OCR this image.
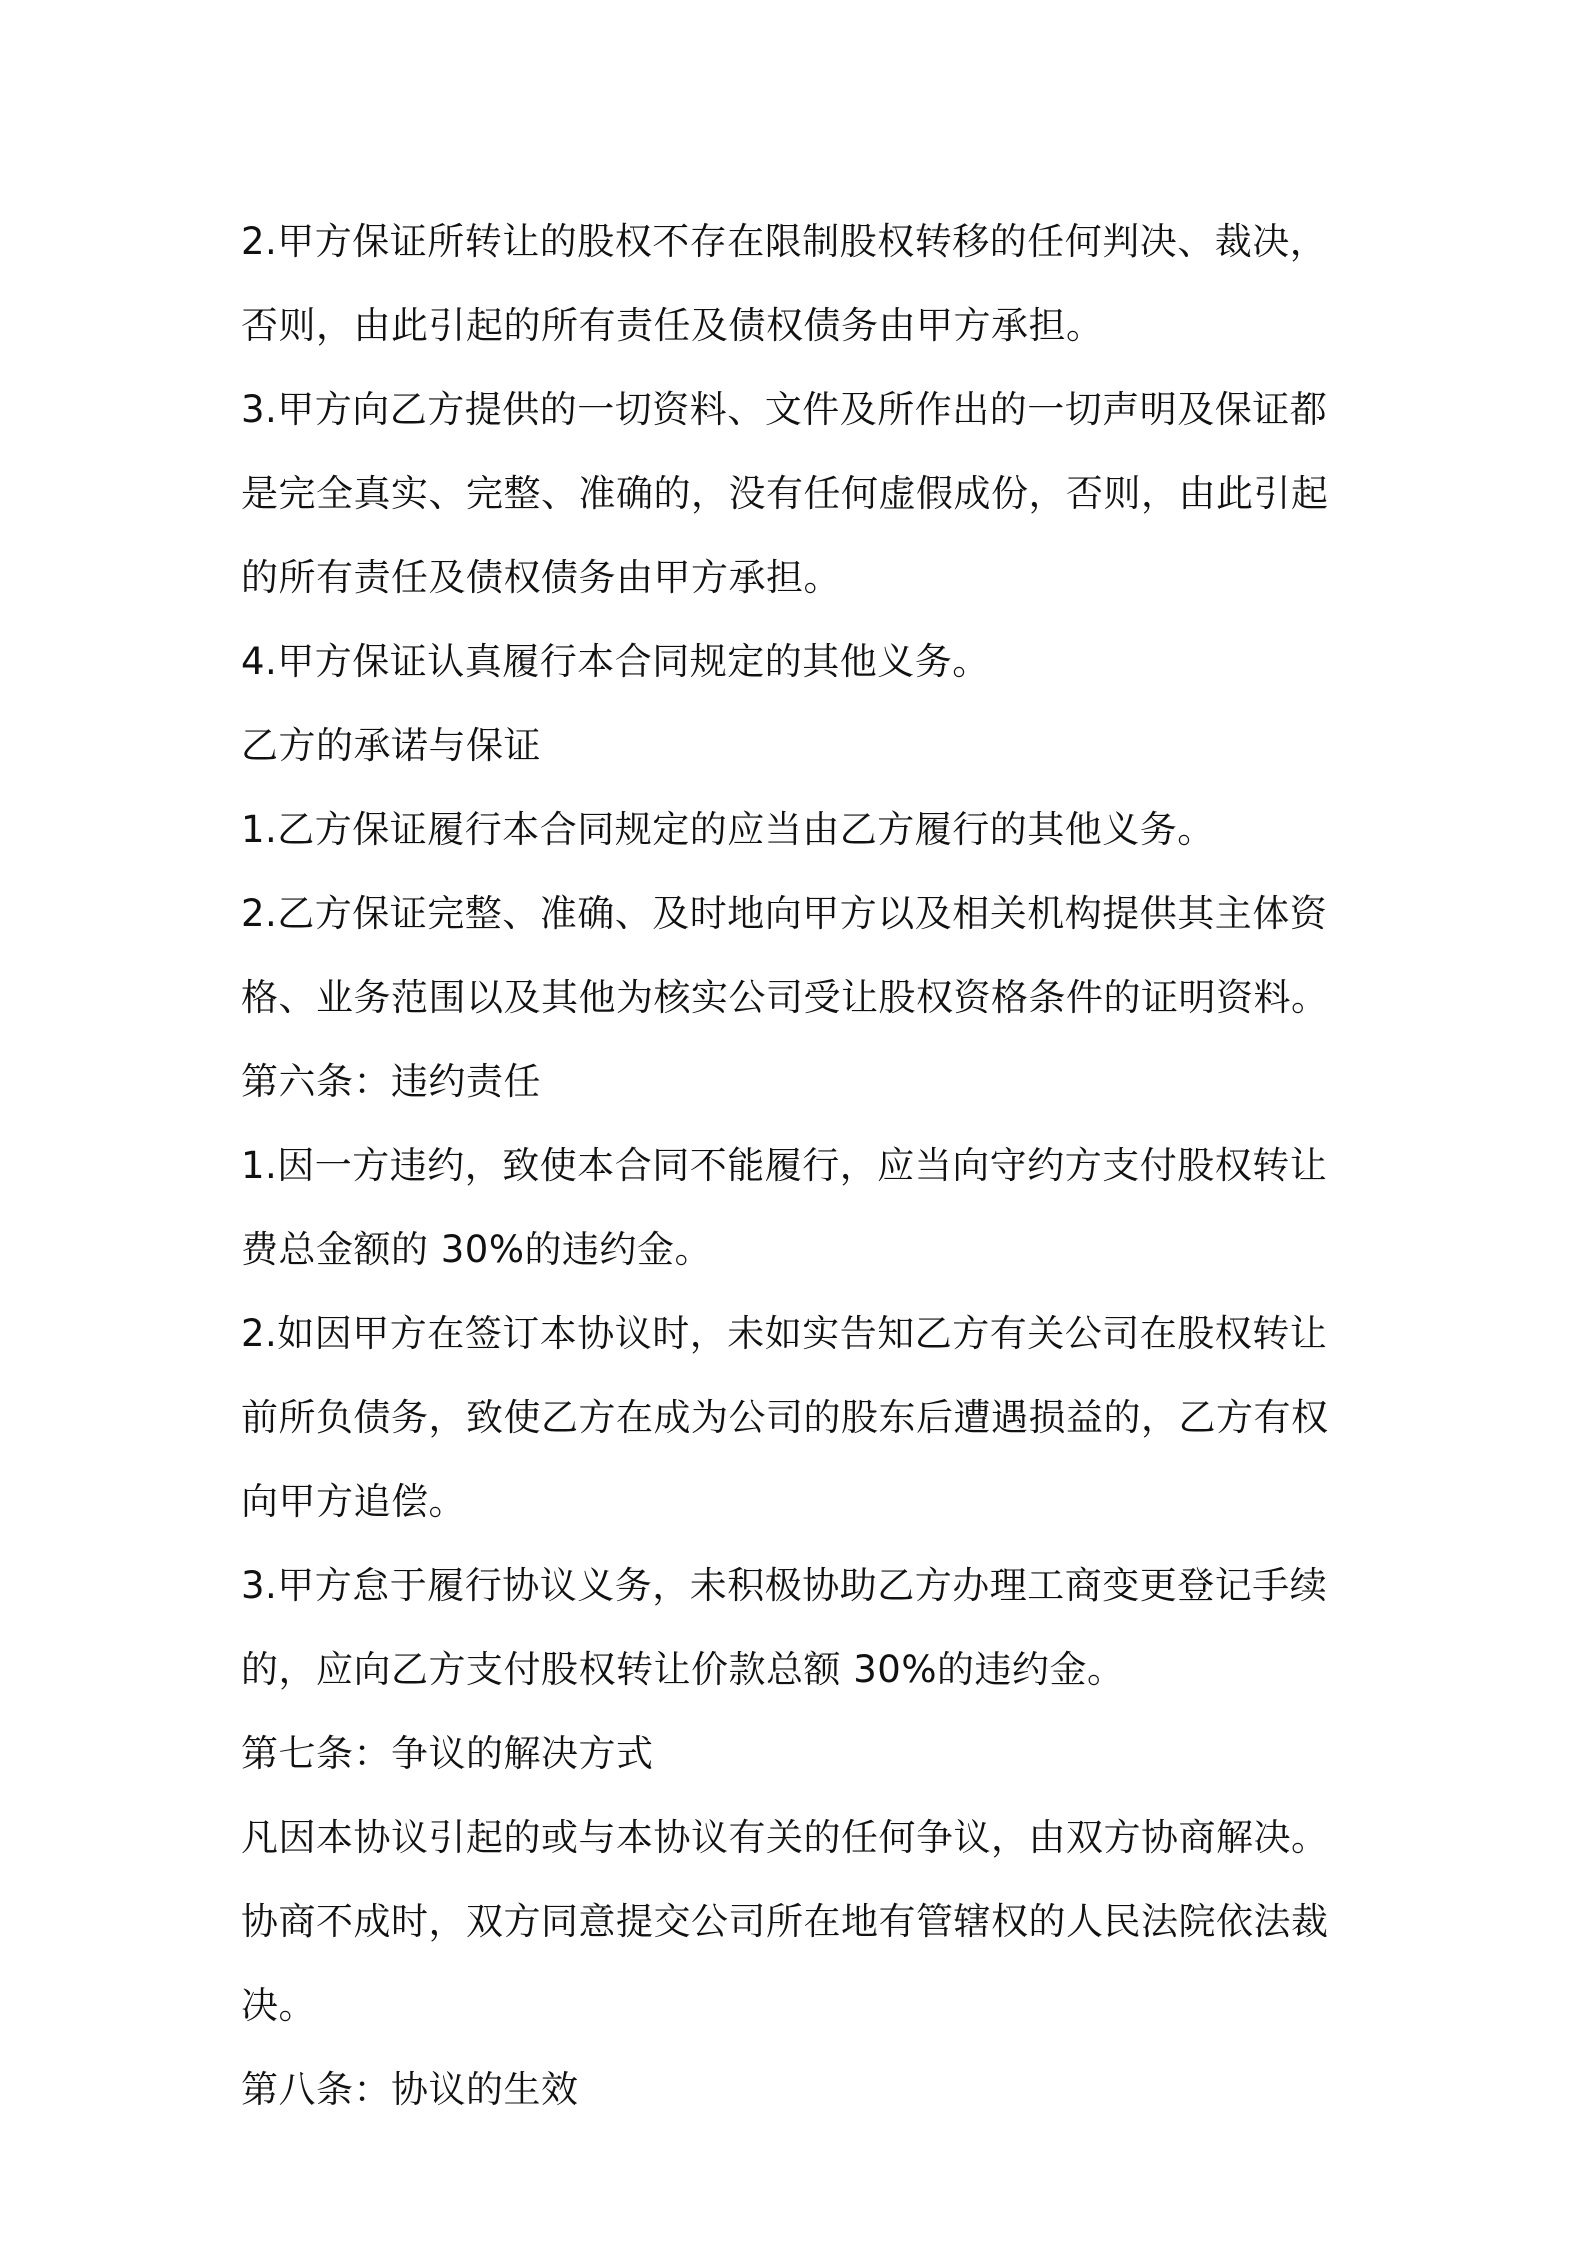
2.甲方保证所转让的股权不存在限制股权转移的任何判决、裁决，否则，由此引起的所有责任及债权债务由甲方承担。

3.甲方向乙方提供的一切资料、文件及所作出的一切声明及保证都是完全真实、完整、准确的，没有任何虚假成份，否则，由此引起的所有责任及债权债务由甲方承担。

4.甲方保证认真履行本合同规定的其他义务。

乙方的承诺与保证

1.乙方保证履行本合同规定的应当由乙方履行的其他义务。

2.乙方保证完整、准确、及时地向甲方以及相关机构提供其主体资格、业务范围以及其他为核实公司受让股权资格条件的证明资料。

第六条：违约责任

1.因一方违约，致使本合同不能履行，应当向守约方支付股权转让费总金额的 30%的违约金。

2.如因甲方在签订本协议时，未如实告知乙方有关公司在股权转让前所负债务，致使乙方在成为公司的股东后遭遇损益的，乙方有权向甲方追偿。

3.甲方怠于履行协议义务，未积极协助乙方办理工商变更登记手续的，应向乙方支付股权转让价款总额 30%的违约金。

第七条：争议的解决方式

凡因本协议引起的或与本协议有关的任何争议，由双方协商解决。协商不成时，双方同意提交公司所在地有管辖权的人民法院依法裁决。

第八条：协议的生效
